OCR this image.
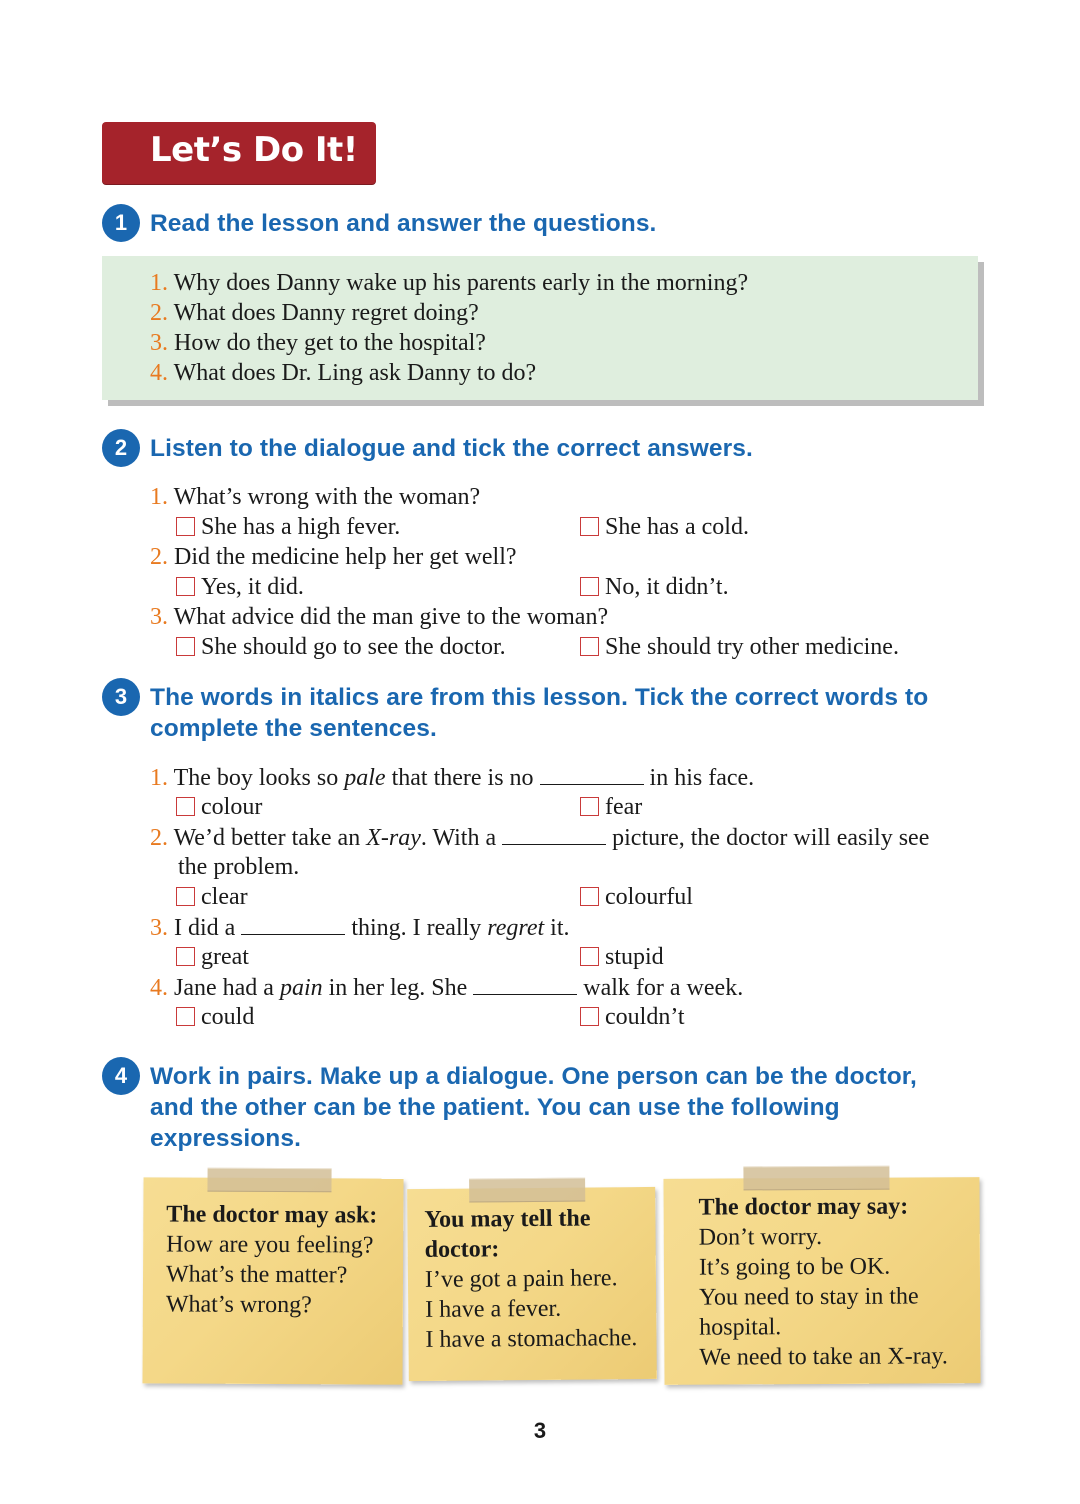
Let’s Do It!
1 Read the lesson and answer the questions.
1. Why does Danny wake up his parents early in the morning?
2. What does Danny regret doing?
3. How do they get to the hospital?
4. What does Dr. Ling ask Danny to do?
2 Listen to the dialogue and tick the correct answers.
1. What’s wrong with the woman?
She has a high fever.	She has a cold.
2. Did the medicine help her get well?
Yes, it did.	No, it didn’t.
3. What advice did the man give to the woman?
She should go to see the doctor.	She should try other medicine.
3 The words in italics are from this lesson. Tick the correct words to
complete the sentences.
1. The boy looks so pale that there is no	in his face.
colour	fear
2. We’d better take an X-ray. With a	picture, the doctor will easily see
the problem.
clear	colourful
3. I did a	thing. I really regret it.
great	stupid
4. Jane had a pain in her leg. She	walk for a week.
could	couldn’t
4 Work in pairs. Make up a dialogue. One person can be the doctor,
and the other can be the patient. You can use the following
expressions.
The doctor may ask:
How are you feeling?
What’s the matter?
What’s wrong?
You may tell the
doctor:
I’ve got a pain here.
I have a fever.
I have a stomachache.
The doctor may say:
Don’t worry.
It’s going to be OK.
You need to stay in the
hospital.
We need to take an X-ray.
3
